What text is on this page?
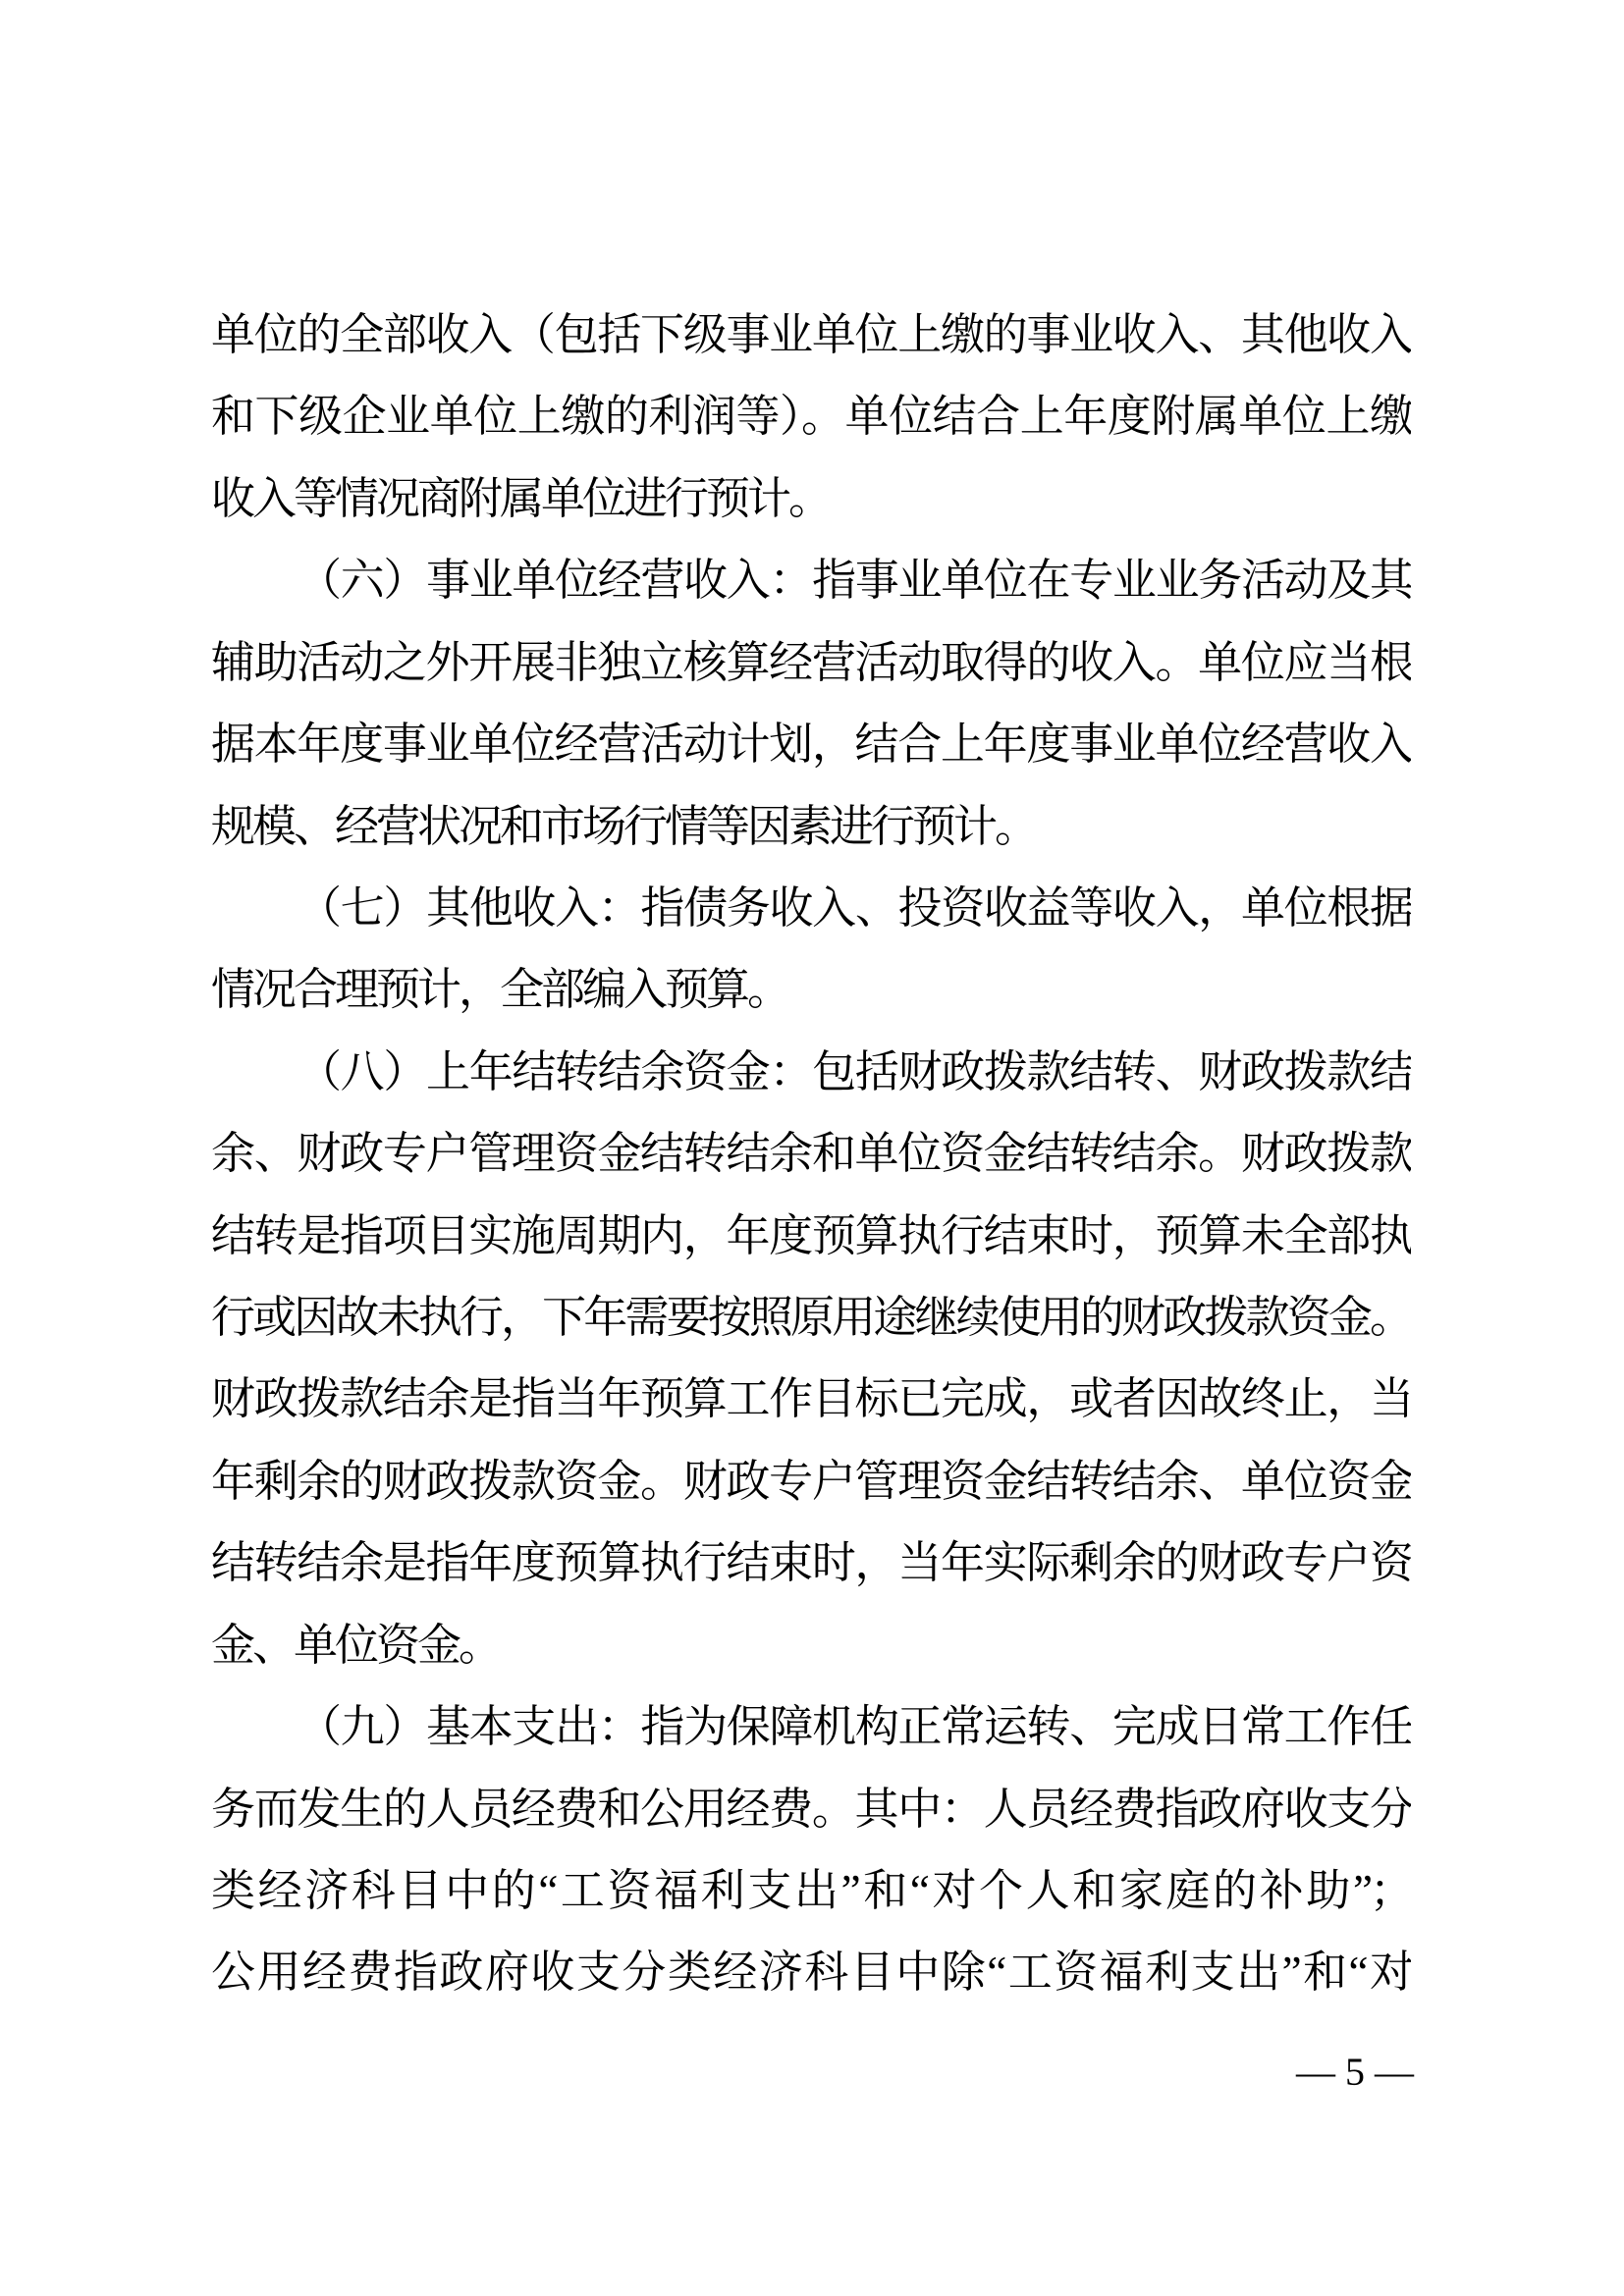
单位的全部收入（包括下级事业单位上缴的事业收入、其他收入
和下级企业单位上缴的利润等）。单位结合上年度附属单位上缴
收入等情况商附属单位进行预计。
（六）事业单位经营收入：指事业单位在专业业务活动及其
辅助活动之外开展非独立核算经营活动取得的收入。单位应当根
据本年度事业单位经营活动计划，结合上年度事业单位经营收入
规模、经营状况和市场行情等因素进行预计。
（七）其他收入：指债务收入、投资收益等收入，单位根据
情况合理预计，全部编入预算。
（八）上年结转结余资金：包括财政拨款结转、财政拨款结
余、财政专户管理资金结转结余和单位资金结转结余。财政拨款
结转是指项目实施周期内，年度预算执行结束时，预算未全部执
行或因故未执行，下年需要按照原用途继续使用的财政拨款资金。
财政拨款结余是指当年预算工作目标已完成，或者因故终止，当
年剩余的财政拨款资金。财政专户管理资金结转结余、单位资金
结转结余是指年度预算执行结束时，当年实际剩余的财政专户资
金、单位资金。
（九）基本支出：指为保障机构正常运转、完成日常工作任
务而发生的人员经费和公用经费。其中：人员经费指政府收支分
类经济科目中的“工资福利支出”和“对个人和家庭的补助”；
公用经费指政府收支分类经济科目中除“工资福利支出”和“对
— 5 —
